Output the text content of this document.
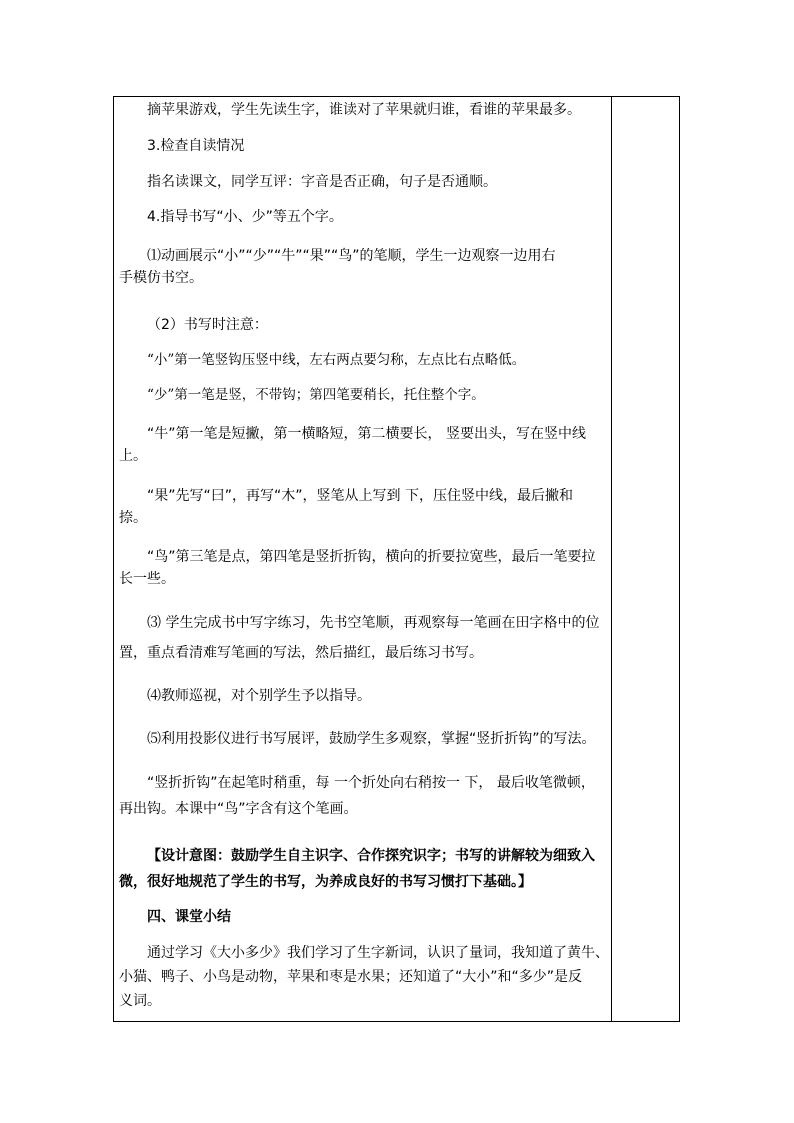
摘苹果游戏，学生先读生字，谁读对了苹果就归谁，看谁的苹果最多。
3.检查自读情况
指名读课文，同学互评：字音是否正确，句子是否通顺。
4.指导书写“小、少”等五个字。
⑴动画展示“小”“少”“牛”“果”“鸟”的笔顺，学生一边观察一边用右
手模仿书空。
（2）书写时注意：
“小”第一笔竖钩压竖中线，左右两点要匀称，左点比右点略低。
“少”第一笔是竖，不带钩；第四笔要稍长，托住整个字。
“牛”第一笔是短撇，第一横略短，第二横要长， 竖要出头，写在竖中线
上。
“果”先写“曰”，再写“木”，竖笔从上写到 下，压住竖中线，最后撇和
捺。
“鸟”第三笔是点，第四笔是竖折折钩，横向的折要拉宽些，最后一笔要拉
长一些。
⑶ 学生完成书中写字练习，先书空笔顺，再观察每一笔画在田字格中的位
置，重点看清难写笔画的写法，然后描红，最后练习书写。
⑷教师巡视，对个别学生予以指导。
⑸利用投影仪进行书写展评，鼓励学生多观察，掌握“竖折折钩”的写法。
“竖折折钩”在起笔时稍重，每 一个折处向右稍按一 下， 最后收笔微顿，
再出钩。本课中“鸟”字含有这个笔画。
【设计意图：鼓励学生自主识字、合作探究识字；书写的讲解较为细致入
微，很好地规范了学生的书写，为养成良好的书写习惯打下基础。】
四、课堂小结
通过学习《大小多少》我们学习了生字新词，认识了量词，我知道了黄牛、
小猫、鸭子、小鸟是动物，苹果和枣是水果；还知道了“大小”和“多少”是反
义词。
